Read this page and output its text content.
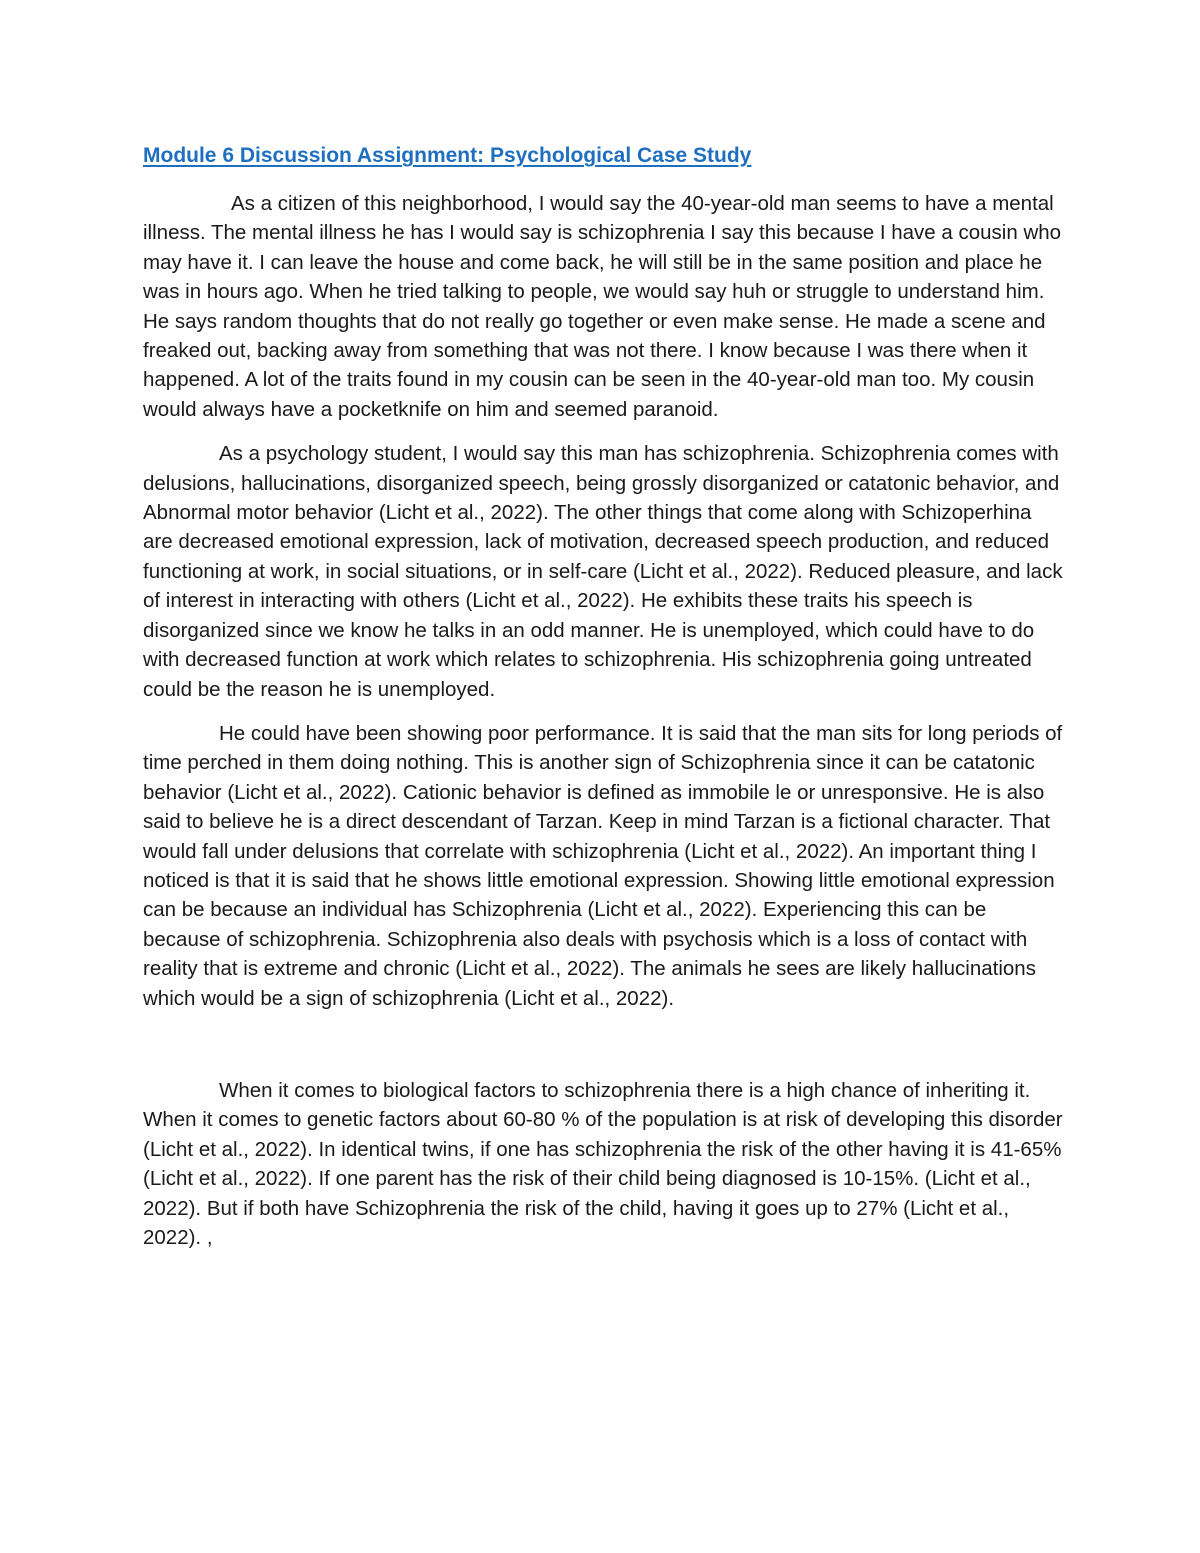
Module 6 Discussion Assignment: Psychological Case Study

As a citizen of this neighborhood, I would say the 40-year-old man seems to have a mental illness. The mental illness he has I would say is schizophrenia I say this because I have a cousin who may have it. I can leave the house and come back, he will still be in the same position and place he was in hours ago. When he tried talking to people, we would say huh or struggle to understand him. He says random thoughts that do not really go together or even make sense. He made a scene and freaked out, backing away from something that was not there. I know because I was there when it happened. A lot of the traits found in my cousin can be seen in the 40-year-old man too. My cousin would always have a pocketknife on him and seemed paranoid.

As a psychology student, I would say this man has schizophrenia. Schizophrenia comes with delusions, hallucinations, disorganized speech, being grossly disorganized or catatonic behavior, and Abnormal motor behavior (Licht et al., 2022). The other things that come along with Schizoperhina are decreased emotional expression, lack of motivation, decreased speech production, and reduced functioning at work, in social situations, or in self-care (Licht et al., 2022). Reduced pleasure, and lack of interest in interacting with others (Licht et al., 2022). He exhibits these traits his speech is disorganized since we know he talks in an odd manner. He is unemployed, which could have to do with decreased function at work which relates to schizophrenia. His schizophrenia going untreated could be the reason he is unemployed.

He could have been showing poor performance. It is said that the man sits for long periods of time perched in them doing nothing. This is another sign of Schizophrenia since it can be catatonic behavior (Licht et al., 2022). Cationic behavior is defined as immobile le or unresponsive. He is also said to believe he is a direct descendant of Tarzan. Keep in mind Tarzan is a fictional character. That would fall under delusions that correlate with schizophrenia (Licht et al., 2022). An important thing I noticed is that it is said that he shows little emotional expression. Showing little emotional expression can be because an individual has Schizophrenia (Licht et al., 2022). Experiencing this can be because of schizophrenia. Schizophrenia also deals with psychosis which is a loss of contact with reality that is extreme and chronic (Licht et al., 2022). The animals he sees are likely hallucinations which would be a sign of schizophrenia (Licht et al., 2022).

When it comes to biological factors to schizophrenia there is a high chance of inheriting it. When it comes to genetic factors about 60-80 % of the population is at risk of developing this disorder (Licht et al., 2022). In identical twins, if one has schizophrenia the risk of the other having it is 41-65% (Licht et al., 2022). If one parent has the risk of their child being diagnosed is 10-15%. (Licht et al., 2022). But if both have Schizophrenia the risk of the child, having it goes up to 27% (Licht et al., 2022). ,
